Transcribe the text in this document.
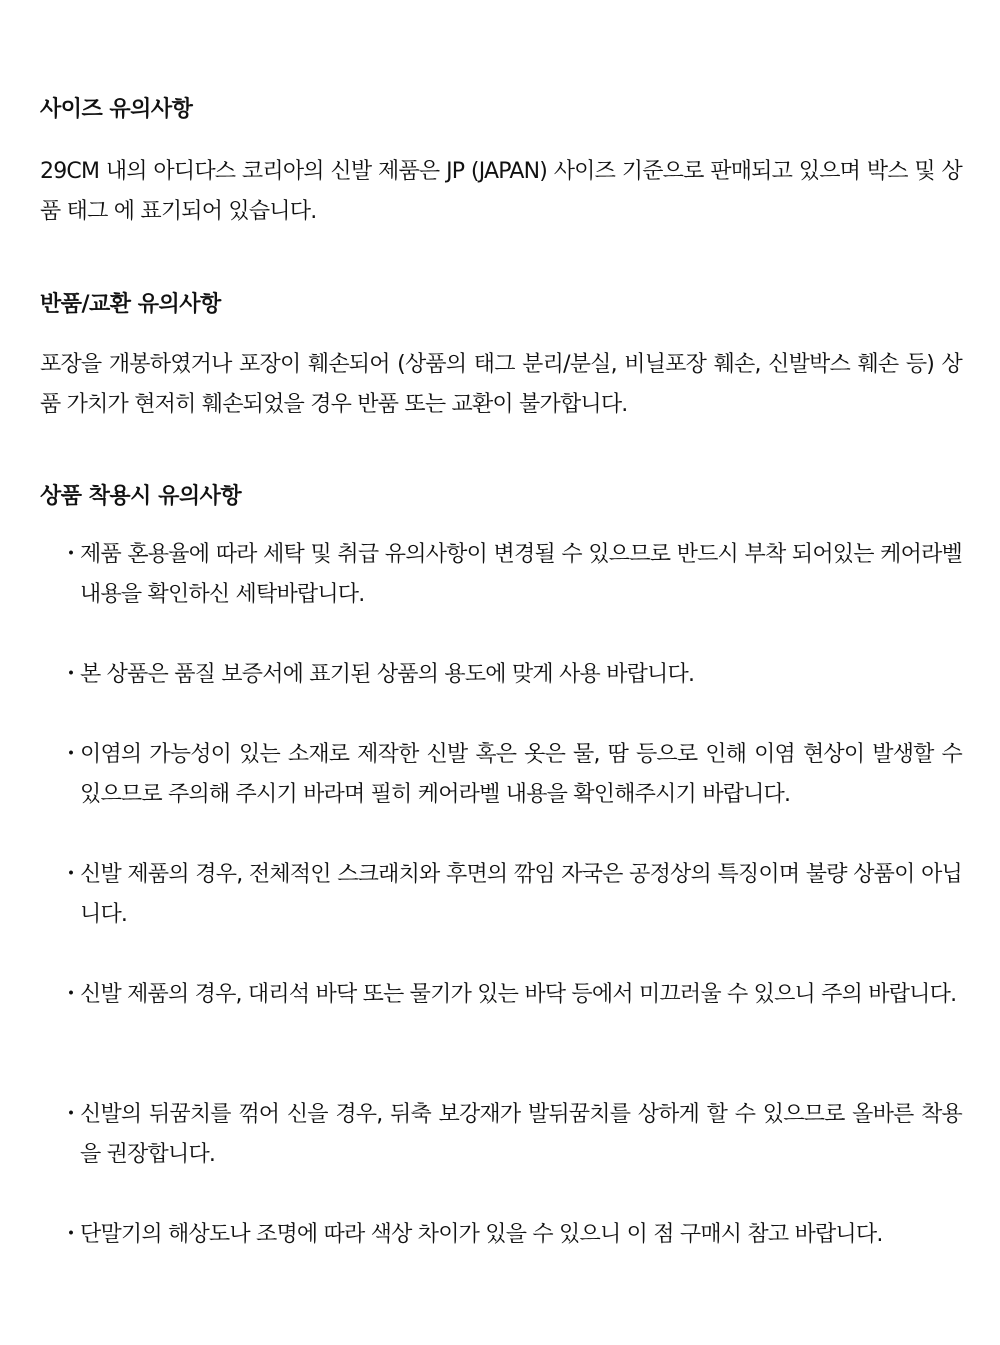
사이즈 유의사항

29CM 내의 아디다스 코리아의 신발 제품은 JP (JAPAN) 사이즈 기준으로 판매되고 있으며 박스 및 상품 태그 에 표기되어 있습니다.

반품/교환 유의사항

포장을 개봉하였거나 포장이 훼손되어 (상품의 태그 분리/분실, 비닐포장 훼손, 신발박스 훼손 등) 상품 가치가 현저히 훼손되었을 경우 반품 또는 교환이 불가합니다.

상품 착용시 유의사항
・
제품 혼용율에 따라 세탁 및 취급 유의사항이 변경될 수 있으므로 반드시 부착 되어있는 케어라벨 내용을 확인하신 세탁바랍니다.
・
본 상품은 품질 보증서에 표기된 상품의 용도에 맞게 사용 바랍니다.
・
이염의 가능성이 있는 소재로 제작한 신발 혹은 옷은 물, 땀 등으로 인해 이염 현상이 발생할 수 있으므로 주의해 주시기 바라며 필히 케어라벨 내용을 확인해주시기 바랍니다.
・
신발 제품의 경우, 전체적인 스크래치와 후면의 깎임 자국은 공정상의 특징이며 불량 상품이 아닙니다.
・
신발 제품의 경우, 대리석 바닥 또는 물기가 있는 바닥 등에서 미끄러울 수 있으니 주의 바랍니다.
・
신발의 뒤꿈치를 꺾어 신을 경우, 뒤축 보강재가 발뒤꿈치를 상하게 할 수 있으므로 올바른 착용을 권장합니다.
・
단말기의 해상도나 조명에 따라 색상 차이가 있을 수 있으니 이 점 구매시 참고 바랍니다.
